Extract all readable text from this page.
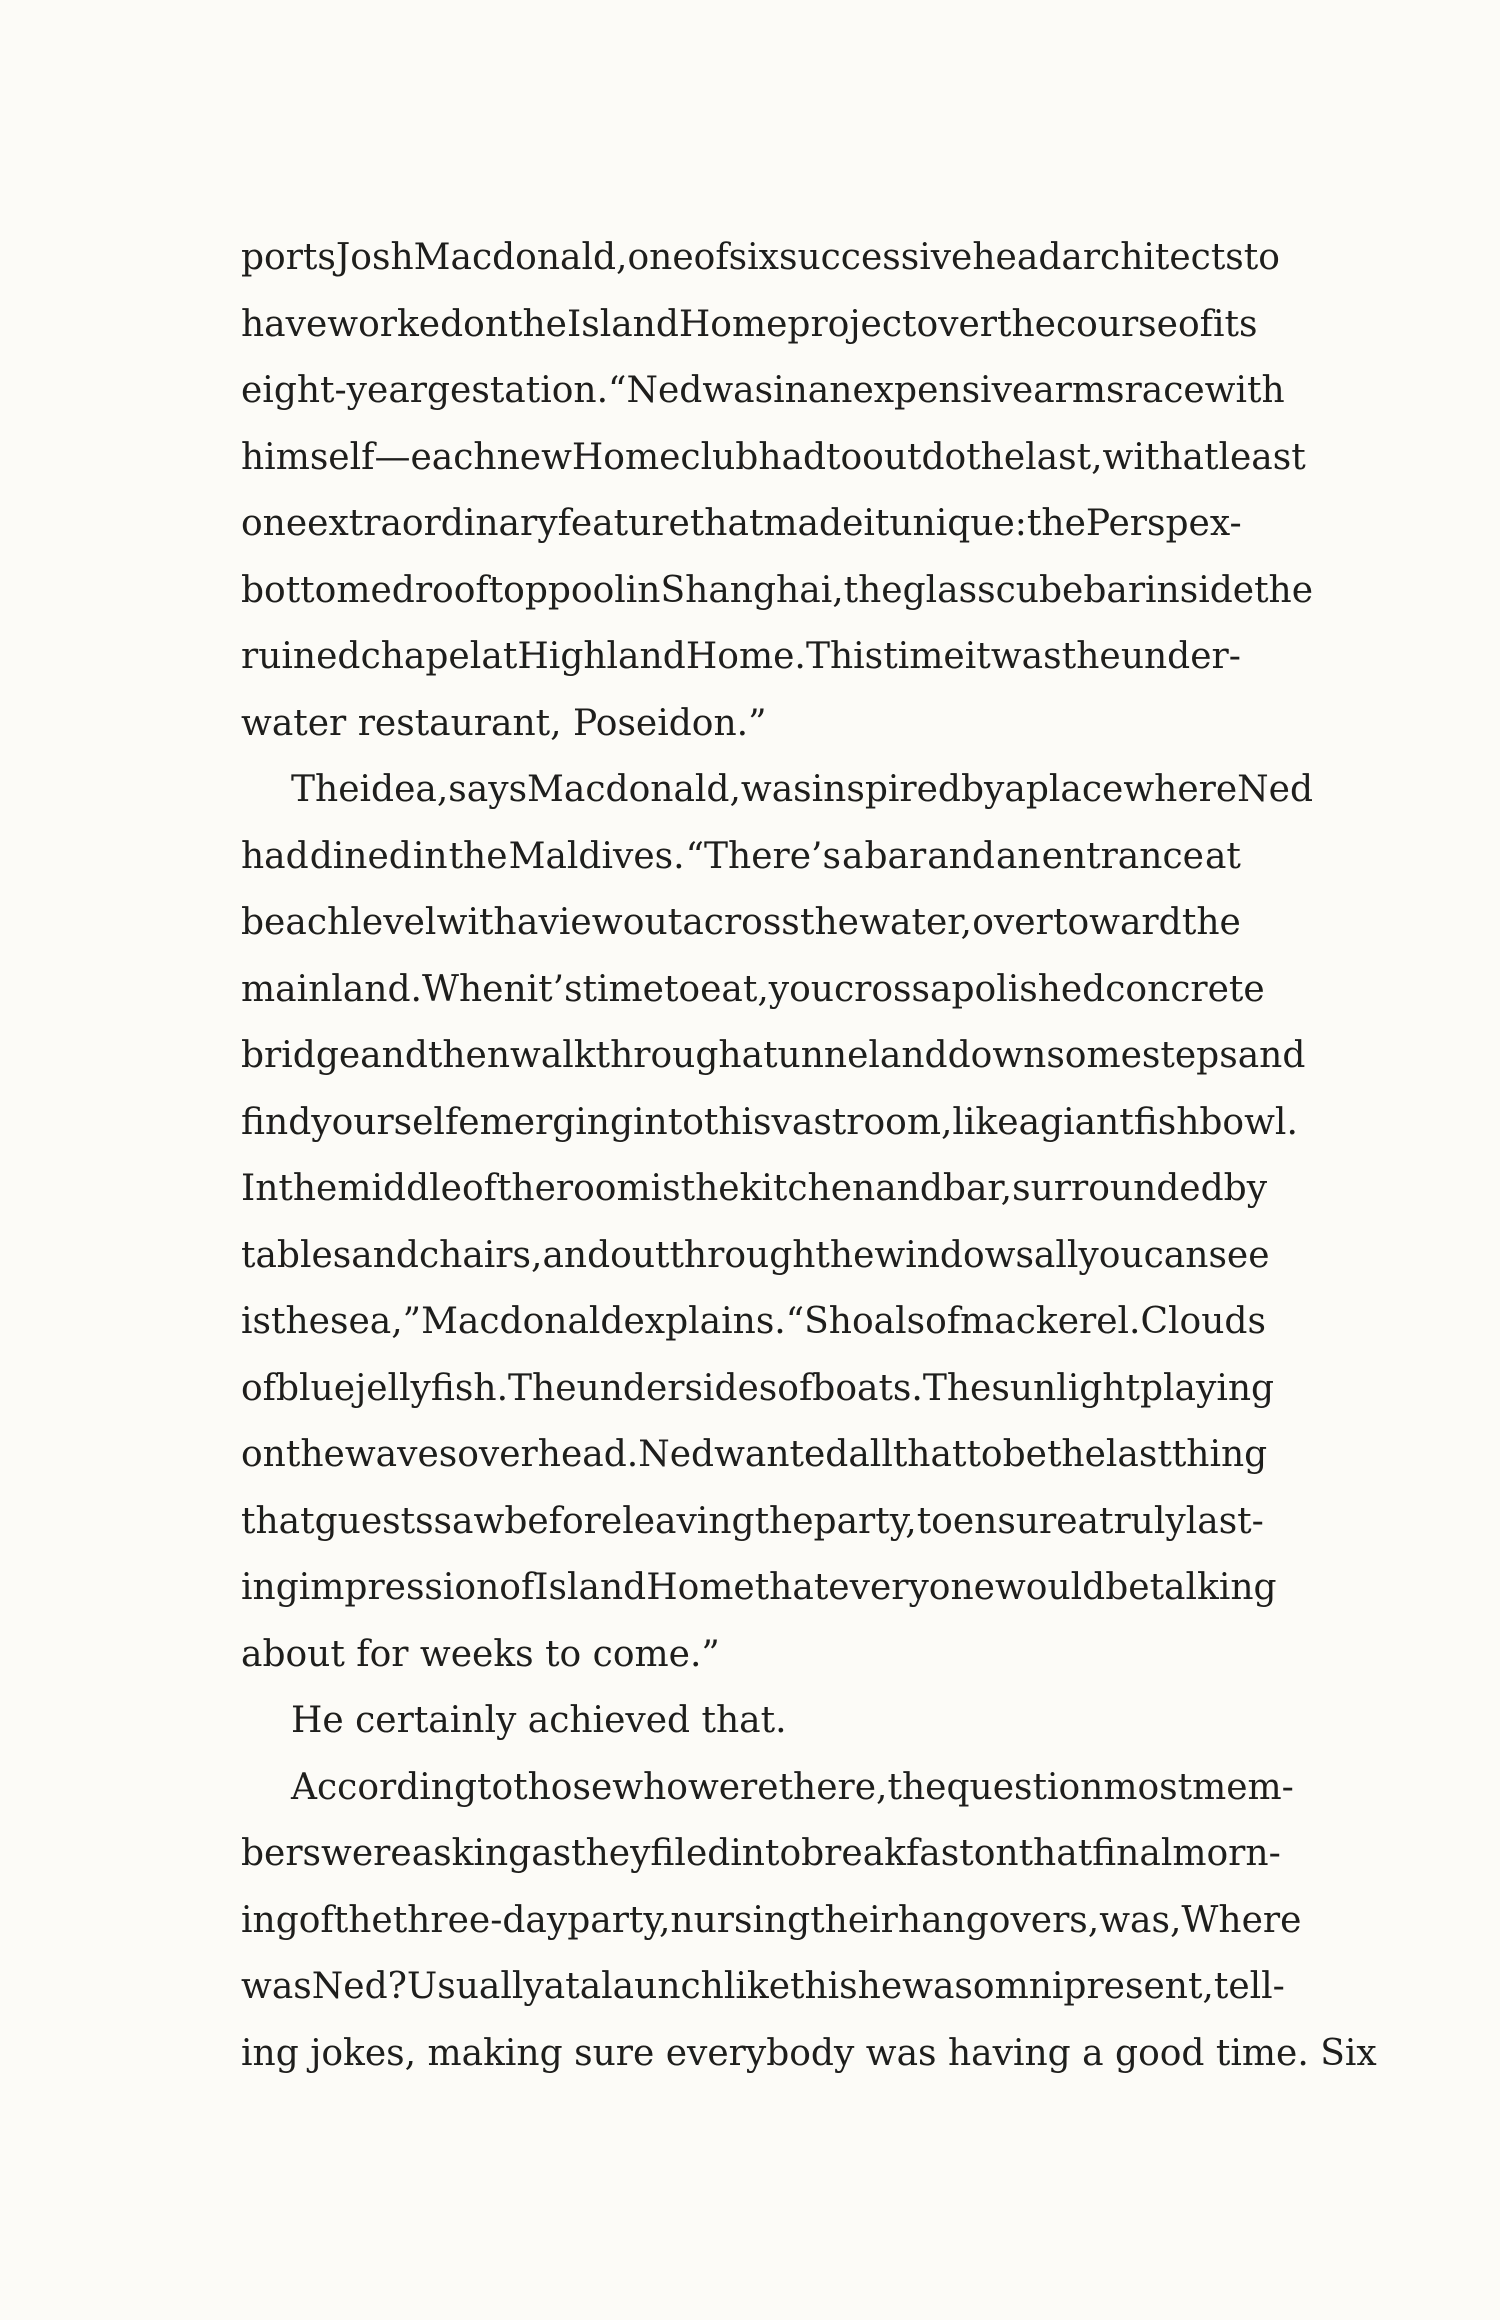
ports Josh Macdonald, one of six successive head architects to
have worked on the Island Home project over the course of its
eight-year gestation. “Ned was in an expensive arms race with
himself—each new Home club had to outdo the last, with at least
one extraordinary feature that made it unique: the Perspex-
bottomed rooftop pool in Shanghai, the glass cube bar inside the
ruined chapel at Highland Home. This time it was the under-
water restaurant, Poseidon.”
The idea, says Macdonald, was inspired by a place where Ned
had dined in the Maldives. “There’s a bar and an entrance at
beach level with a view out across the water, over toward the
mainland. When it’s time to eat, you cross a polished concrete
bridge and then walk through a tunnel and down some steps and
find yourself emerging into this vast room, like a giant fishbowl.
In the middle of the room is the kitchen and bar, surrounded by
tables and chairs, and out through the windows all you can see
is the sea,” Macdonald explains. “Shoals of mackerel. Clouds
of blue jellyfish. The undersides of boats. The sunlight playing
on the waves overhead. Ned wanted all that to be the last thing
that guests saw before leaving the party, to ensure a truly last-
ing impression of Island Home that everyone would be talking
about for weeks to come.”
He certainly achieved that.
According to those who were there, the question most mem-
bers were asking as they filed into breakfast on that final morn-
ing of the three-day party, nursing their hangovers, was, Where
was Ned? Usually at a launch like this he was omnipresent, tell-
ing jokes, making sure everybody was having a good time. Six
